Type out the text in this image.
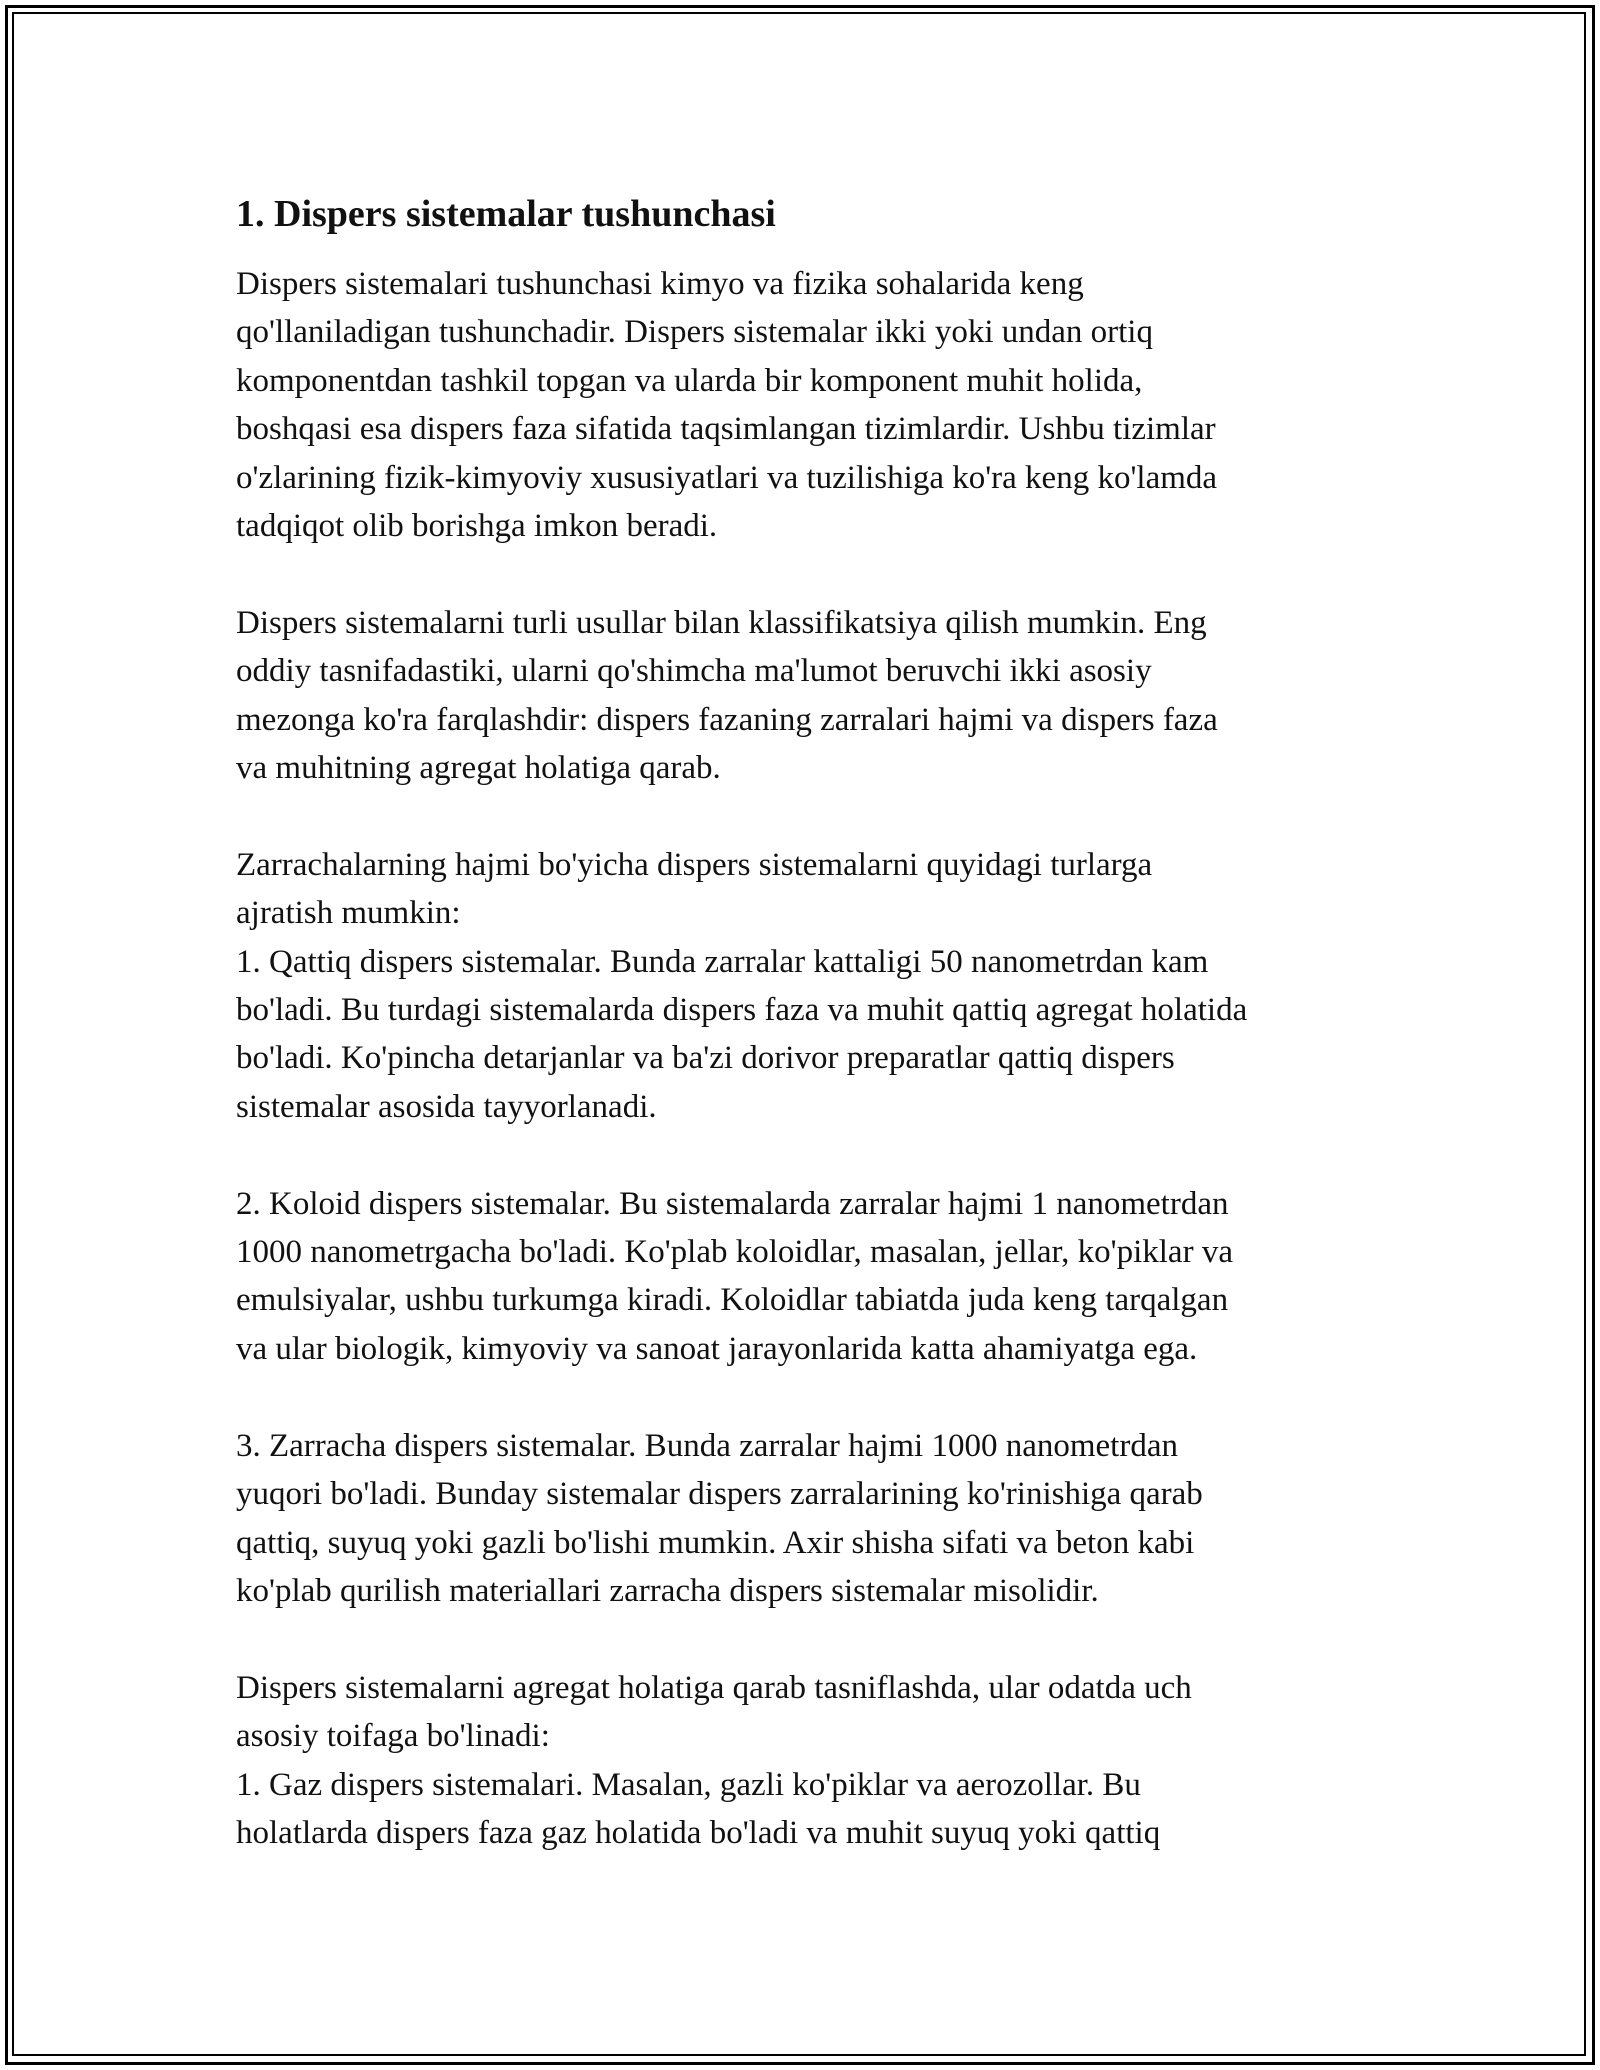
1. Dispers sistemalar tushunchasi
Dispers sistemalari tushunchasi kimyo va fizika sohalarida keng
qo'llaniladigan tushunchadir. Dispers sistemalar ikki yoki undan ortiq
komponentdan tashkil topgan va ularda bir komponent muhit holida,
boshqasi esa dispers faza sifatida taqsimlangan tizimlardir. Ushbu tizimlar
o'zlarining fizik-kimyoviy xususiyatlari va tuzilishiga ko'ra keng ko'lamda
tadqiqot olib borishga imkon beradi.
Dispers sistemalarni turli usullar bilan klassifikatsiya qilish mumkin. Eng
oddiy tasnifadastiki, ularni qo'shimcha ma'lumot beruvchi ikki asosiy
mezonga ko'ra farqlashdir: dispers fazaning zarralari hajmi va dispers faza
va muhitning agregat holatiga qarab.
Zarrachalarning hajmi bo'yicha dispers sistemalarni quyidagi turlarga
ajratish mumkin:
1. Qattiq dispers sistemalar. Bunda zarralar kattaligi 50 nanometrdan kam
bo'ladi. Bu turdagi sistemalarda dispers faza va muhit qattiq agregat holatida
bo'ladi. Ko'pincha detarjanlar va ba'zi dorivor preparatlar qattiq dispers
sistemalar asosida tayyorlanadi.
2. Koloid dispers sistemalar. Bu sistemalarda zarralar hajmi 1 nanometrdan
1000 nanometrgacha bo'ladi. Ko'plab koloidlar, masalan, jellar, ko'piklar va
emulsiyalar, ushbu turkumga kiradi. Koloidlar tabiatda juda keng tarqalgan
va ular biologik, kimyoviy va sanoat jarayonlarida katta ahamiyatga ega.
3. Zarracha dispers sistemalar. Bunda zarralar hajmi 1000 nanometrdan
yuqori bo'ladi. Bunday sistemalar dispers zarralarining ko'rinishiga qarab
qattiq, suyuq yoki gazli bo'lishi mumkin. Axir shisha sifati va beton kabi
ko'plab qurilish materiallari zarracha dispers sistemalar misolidir.
Dispers sistemalarni agregat holatiga qarab tasniflashda, ular odatda uch
asosiy toifaga bo'linadi:
1. Gaz dispers sistemalari. Masalan, gazli ko'piklar va aerozollar. Bu
holatlarda dispers faza gaz holatida bo'ladi va muhit suyuq yoki qattiq
